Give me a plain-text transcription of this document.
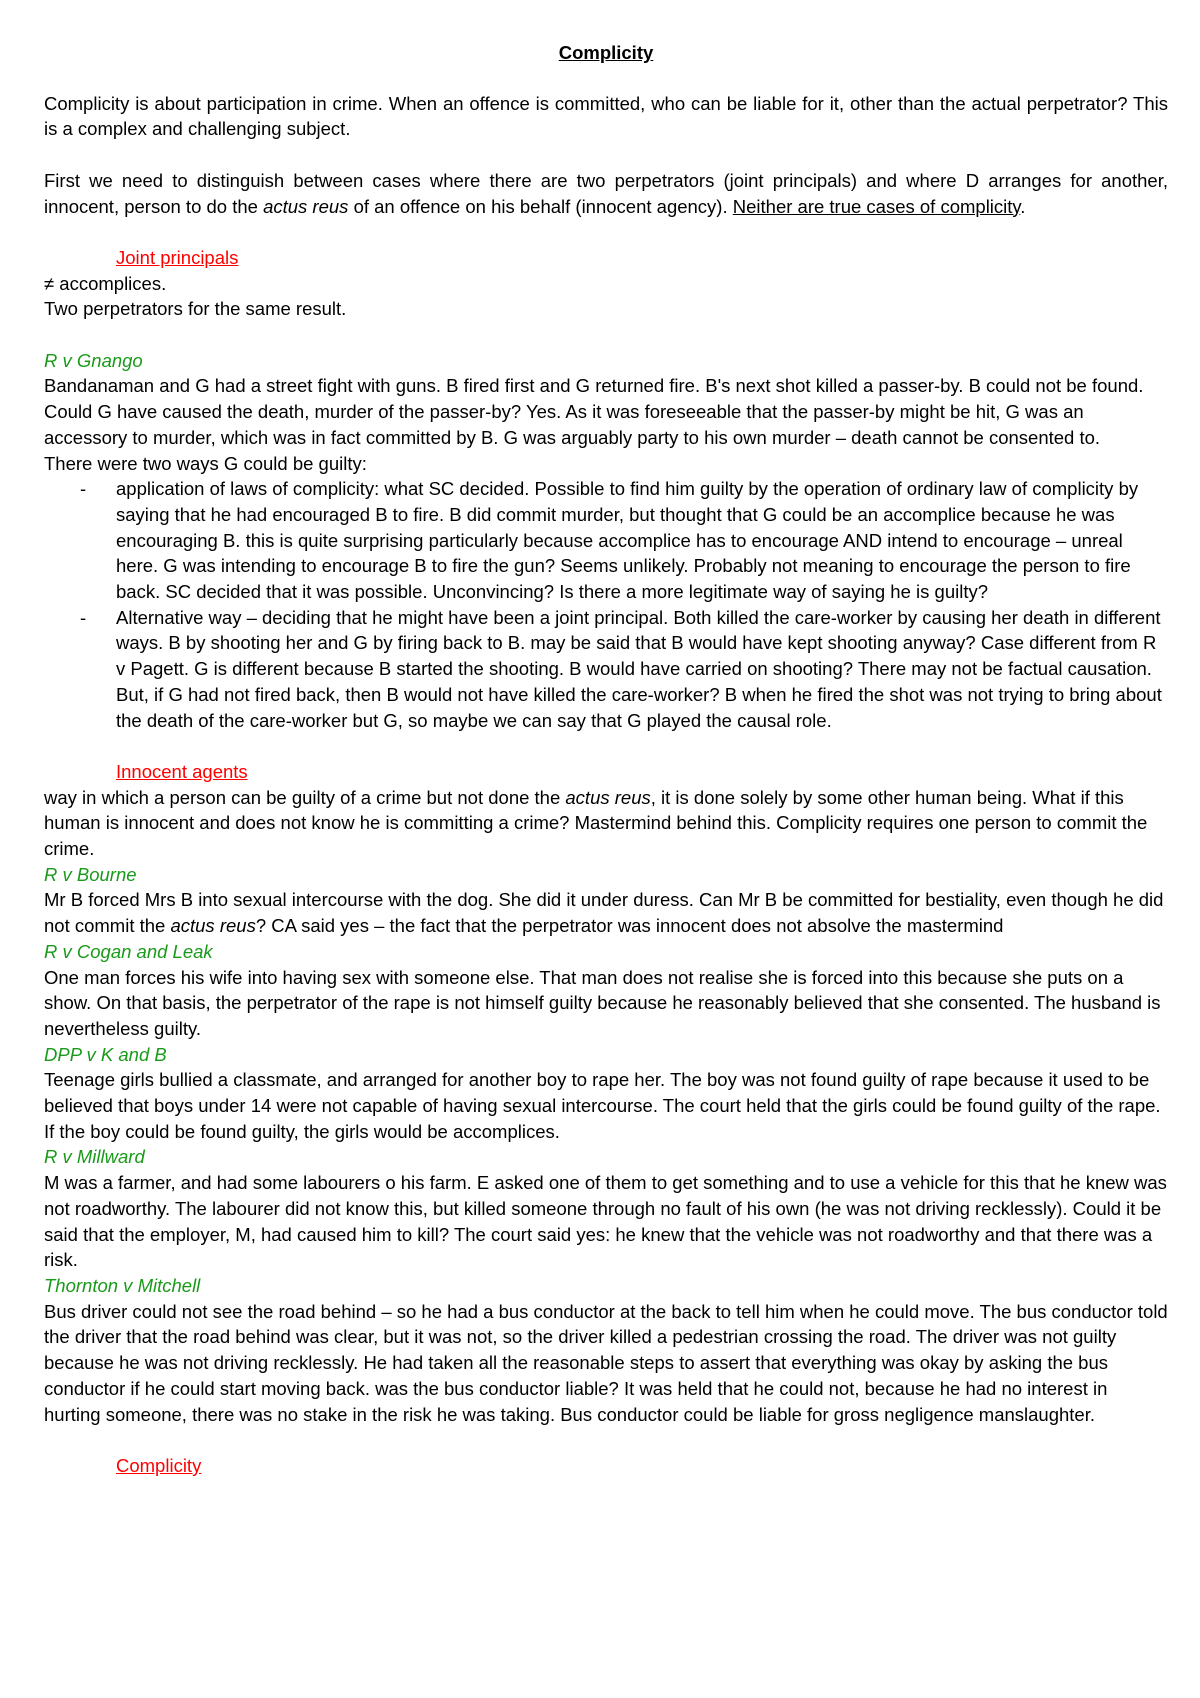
Complicity

Complicity is about participation in crime. When an offence is committed, who can be liable for it, other than the actual perpetrator? This is a complex and challenging subject.

First we need to distinguish between cases where there are two perpetrators (joint principals) and where D arranges for another, innocent, person to do the actus reus of an offence on his behalf (innocent agency). Neither are true cases of complicity.

Joint principals

≠ accomplices.

Two perpetrators for the same result.

R v Gnango

Bandanaman and G had a street fight with guns. B fired first and G returned fire. B's next shot killed a passer-by. B could not be found. Could G have caused the death, murder of the passer-by? Yes. As it was foreseeable that the passer-by might be hit, G was an accessory to murder, which was in fact committed by B. G was arguably party to his own murder – death cannot be consented to.

There were two ways G could be guilty:

- application of laws of complicity: what SC decided. Possible to find him guilty by the operation of ordinary law of complicity by saying that he had encouraged B to fire. B did commit murder, but thought that G could be an accomplice because he was encouraging B. this is quite surprising particularly because accomplice has to encourage AND intend to encourage – unreal here. G was intending to encourage B to fire the gun? Seems unlikely. Probably not meaning to encourage the person to fire back. SC decided that it was possible. Unconvincing? Is there a more legitimate way of saying he is guilty?
- Alternative way – deciding that he might have been a joint principal. Both killed the care-worker by causing her death in different ways. B by shooting her and G by firing back to B. may be said that B would have kept shooting anyway? Case different from R v Pagett. G is different because B started the shooting. B would have carried on shooting? There may not be factual causation. But, if G had not fired back, then B would not have killed the care-worker? B when he fired the shot was not trying to bring about the death of the care-worker but G, so maybe we can say that G played the causal role.

Innocent agents

way in which a person can be guilty of a crime but not done the actus reus, it is done solely by some other human being. What if this human is innocent and does not know he is committing a crime? Mastermind behind this. Complicity requires one person to commit the crime.

R v Bourne

Mr B forced Mrs B into sexual intercourse with the dog. She did it under duress. Can Mr B be committed for bestiality, even though he did not commit the actus reus? CA said yes – the fact that the perpetrator was innocent does not absolve the mastermind

R v Cogan and Leak

One man forces his wife into having sex with someone else. That man does not realise she is forced into this because she puts on a show. On that basis, the perpetrator of the rape is not himself guilty because he reasonably believed that she consented. The husband is nevertheless guilty.

DPP v K and B

Teenage girls bullied a classmate, and arranged for another boy to rape her. The boy was not found guilty of rape because it used to be believed that boys under 14 were not capable of having sexual intercourse. The court held that the girls could be found guilty of the rape. If the boy could be found guilty, the girls would be accomplices.

R v Millward

M was a farmer, and had some labourers o his farm. E asked one of them to get something and to use a vehicle for this that he knew was not roadworthy. The labourer did not know this, but killed someone through no fault of his own (he was not driving recklessly). Could it be said that the employer, M, had caused him to kill? The court said yes: he knew that the vehicle was not roadworthy and that there was a risk.

Thornton v Mitchell

Bus driver could not see the road behind – so he had a bus conductor at the back to tell him when he could move. The bus conductor told the driver that the road behind was clear, but it was not, so the driver killed a pedestrian crossing the road. The driver was not guilty because he was not driving recklessly. He had taken all the reasonable steps to assert that everything was okay by asking the bus conductor if he could start moving back. was the bus conductor liable? It was held that he could not, because he had no interest in hurting someone, there was no stake in the risk he was taking. Bus conductor could be liable for gross negligence manslaughter.

Complicity
